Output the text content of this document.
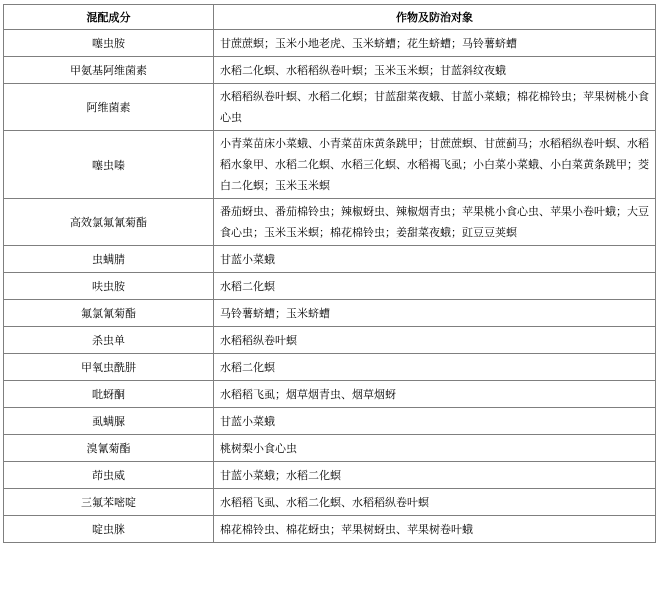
混配成分	作物及防治对象
噻虫胺	甘蔗蔗螟；玉米小地老虎、玉米蛴螬；花生蛴螬；马铃薯蛴螬
甲氨基阿维菌素	水稻二化螟、水稻稻纵卷叶螟；玉米玉米螟；甘蓝斜纹夜蛾
阿维菌素	水稻稻纵卷叶螟、水稻二化螟；甘蓝甜菜夜蛾、甘蓝小菜蛾；棉花棉铃虫；苹果树桃小食心虫
噻虫嗪	小青菜苗床小菜蛾、小青菜苗床黄条跳甲；甘蔗蔗螟、甘蔗蓟马；水稻稻纵卷叶螟、水稻稻水象甲、水稻二化螟、水稻三化螟、水稻褐飞虱；小白菜小菜蛾、小白菜黄条跳甲；茭白二化螟；玉米玉米螟
高效氯氟氰菊酯	番茄蚜虫、番茄棉铃虫；辣椒蚜虫、辣椒烟青虫；苹果桃小食心虫、苹果小卷叶蛾；大豆食心虫；玉米玉米螟；棉花棉铃虫；姜甜菜夜蛾；豇豆豆荚螟
虫螨腈	甘蓝小菜蛾
呋虫胺	水稻二化螟
氟氯氰菊酯	马铃薯蛴螬；玉米蛴螬
杀虫单	水稻稻纵卷叶螟
甲氧虫酰肼	水稻二化螟
吡蚜酮	水稻稻飞虱；烟草烟青虫、烟草烟蚜
虱螨脲	甘蓝小菜蛾
溴氰菊酯	桃树梨小食心虫
茚虫威	甘蓝小菜蛾；水稻二化螟
三氟苯嘧啶	水稻稻飞虱、水稻二化螟、水稻稻纵卷叶螟
啶虫脒	棉花棉铃虫、棉花蚜虫；苹果树蚜虫、苹果树卷叶蛾
